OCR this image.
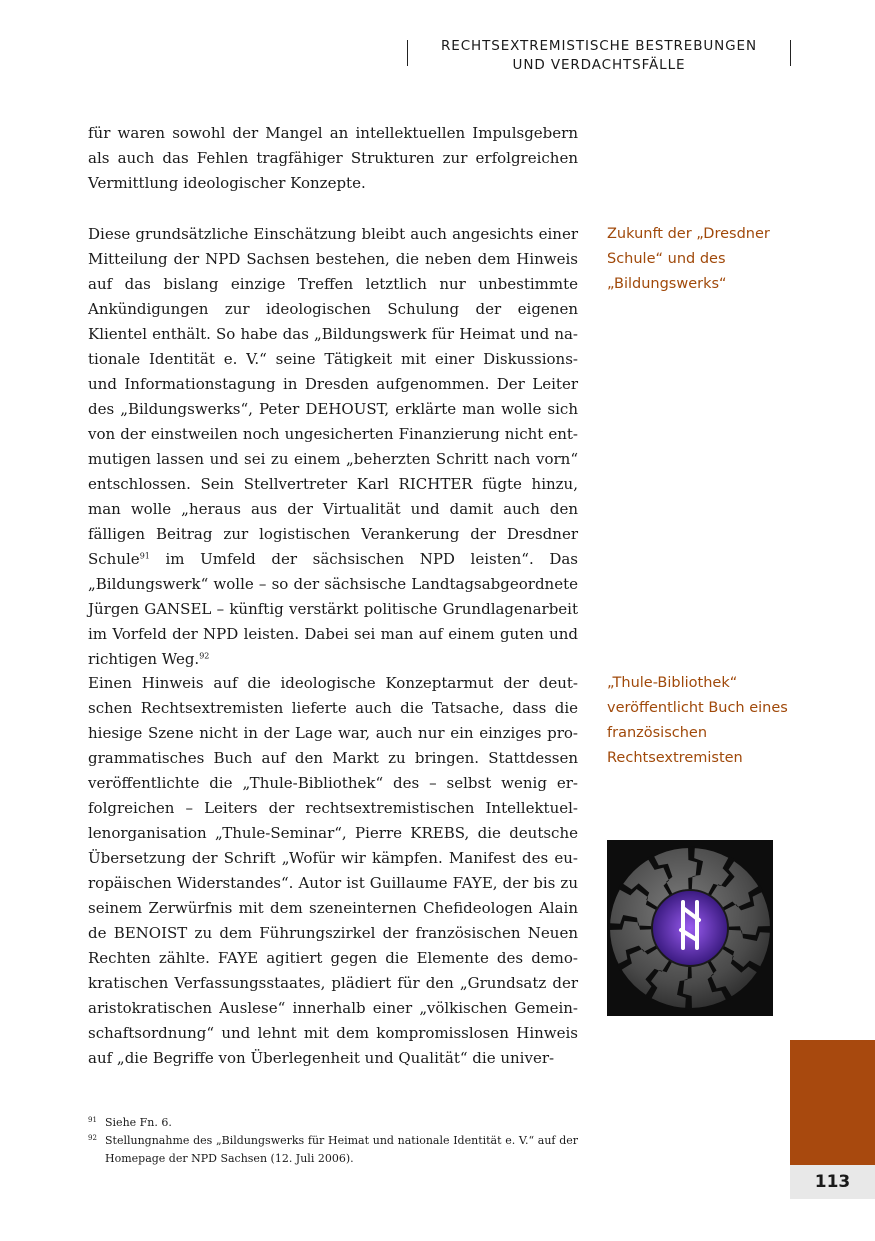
RECHTSEXTREMISTISCHE BESTREBUNGEN
UND VERDACHTSFÄLLE

für waren sowohl der Mangel an intellektuellen Impulsgebern als auch das Fehlen tragfähiger Strukturen zur erfolgreichen Vermittlung ideologischer Konzepte.

Diese grundsätzliche Einschätzung bleibt auch angesichts einer Mitteilung der NPD Sachsen bestehen, die neben dem Hinweis auf das bislang einzige Treffen letztlich nur unbestimmte Ankündigungen zur ideologischen Schulung der eigenen Klientel enthält. So habe das „Bildungswerk für Heimat und nationale Identität e. V.“ seine Tätigkeit mit einer Diskussions- und Informationstagung in Dresden aufgenommen. Der Leiter des „Bildungswerks“, Peter DEHOUST, erklärte man wolle sich von der einstweilen noch ungesicherten Finanzierung nicht entmutigen lassen und sei zu einem „beherzten Schritt nach vorn“ entschlossen. Sein Stellvertreter Karl RICHTER fügte hinzu, man wolle „heraus aus der Virtualität und damit auch den fälligen Beitrag zur logistischen Verankerung der Dresdner Schule$^{91}$ im Umfeld der sächsischen NPD leisten“. Das „Bildungswerk“ wolle – so der sächsische Landtagsabgeordnete Jürgen GANSEL – künftig verstärkt politische Grundlagenarbeit im Vorfeld der NPD leisten. Dabei sei man auf einem guten und richtigen Weg.$^{92}$

Einen Hinweis auf die ideologische Konzeptarmut der deutschen Rechtsextremisten lieferte auch die Tatsache, dass die hiesige Szene nicht in der Lage war, auch nur ein einziges programmatisches Buch auf den Markt zu bringen. Stattdessen veröffentlichte die „Thule-Bibliothek“ des – selbst wenig erfolgreichen – Leiters der rechtsextremistischen Intellektuellenorganisation „Thule-Seminar“, Pierre KREBS, die deutsche Übersetzung der Schrift „Wofür wir kämpfen. Manifest des europäischen Widerstandes“. Autor ist Guillaume FAYE, der bis zu seinem Zerwürfnis mit dem szeneinternen Chefideologen Alain de BENOIST zu dem Führungszirkel der französischen Neuen Rechten zählte. FAYE agitiert gegen die Elemente des demokratischen Verfassungsstaates, plädiert für den „Grundsatz der aristokratischen Auslese“ innerhalb einer „völkischen Gemeinschaftsordnung“ und lehnt mit dem kompromisslosen Hinweis auf „die Begriffe von Überlegenheit und Qualität“ die univer-

Zukunft der „Dresdner Schule“ und des „Bildungswerks“
„Thule-Bibliothek“ veröffentlicht Buch eines französischen Rechtsextremisten
91 Siehe Fn. 6.
92 Stellungnahme des „Bildungswerks für Heimat und nationale Identität e. V.“ auf der Homepage der NPD Sachsen (12. Juli 2006).
113
